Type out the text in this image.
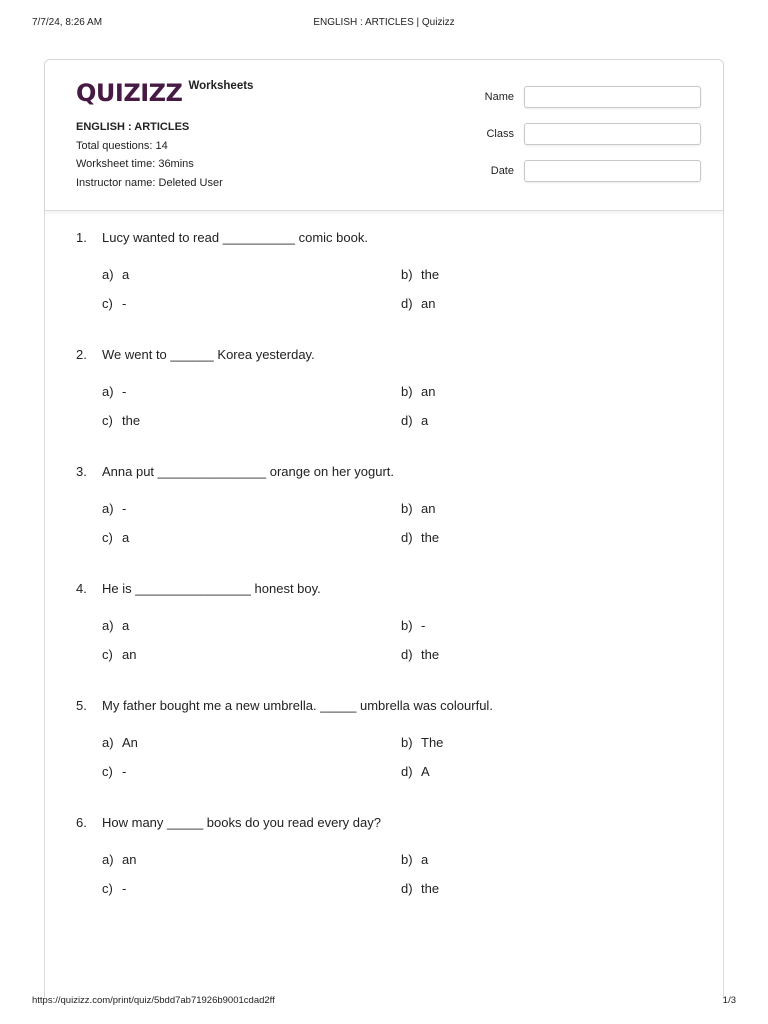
7/7/24, 8:26 AM	ENGLISH : ARTICLES | Quizizz
QUIZIZZ Worksheets
ENGLISH : ARTICLES
Total questions: 14
Worksheet time: 36mins
Instructor name: Deleted User
Name
Class
Date
1. Lucy wanted to read __________ comic book.
a) a	b) the
c) -	d) an
2. We went to ______ Korea yesterday.
a) -	b) an
c) the	d) a
3. Anna put _______________ orange on her yogurt.
a) -	b) an
c) a	d) the
4. He is ________________ honest boy.
a) a	b) -
c) an	d) the
5. My father bought me a new umbrella. _____ umbrella was colourful.
a) An	b) The
c) -	d) A
6. How many _____ books do you read every day?
a) an	b) a
c) -	d) the
https://quizizz.com/print/quiz/5bdd7ab71926b9001cdad2ff	1/3
